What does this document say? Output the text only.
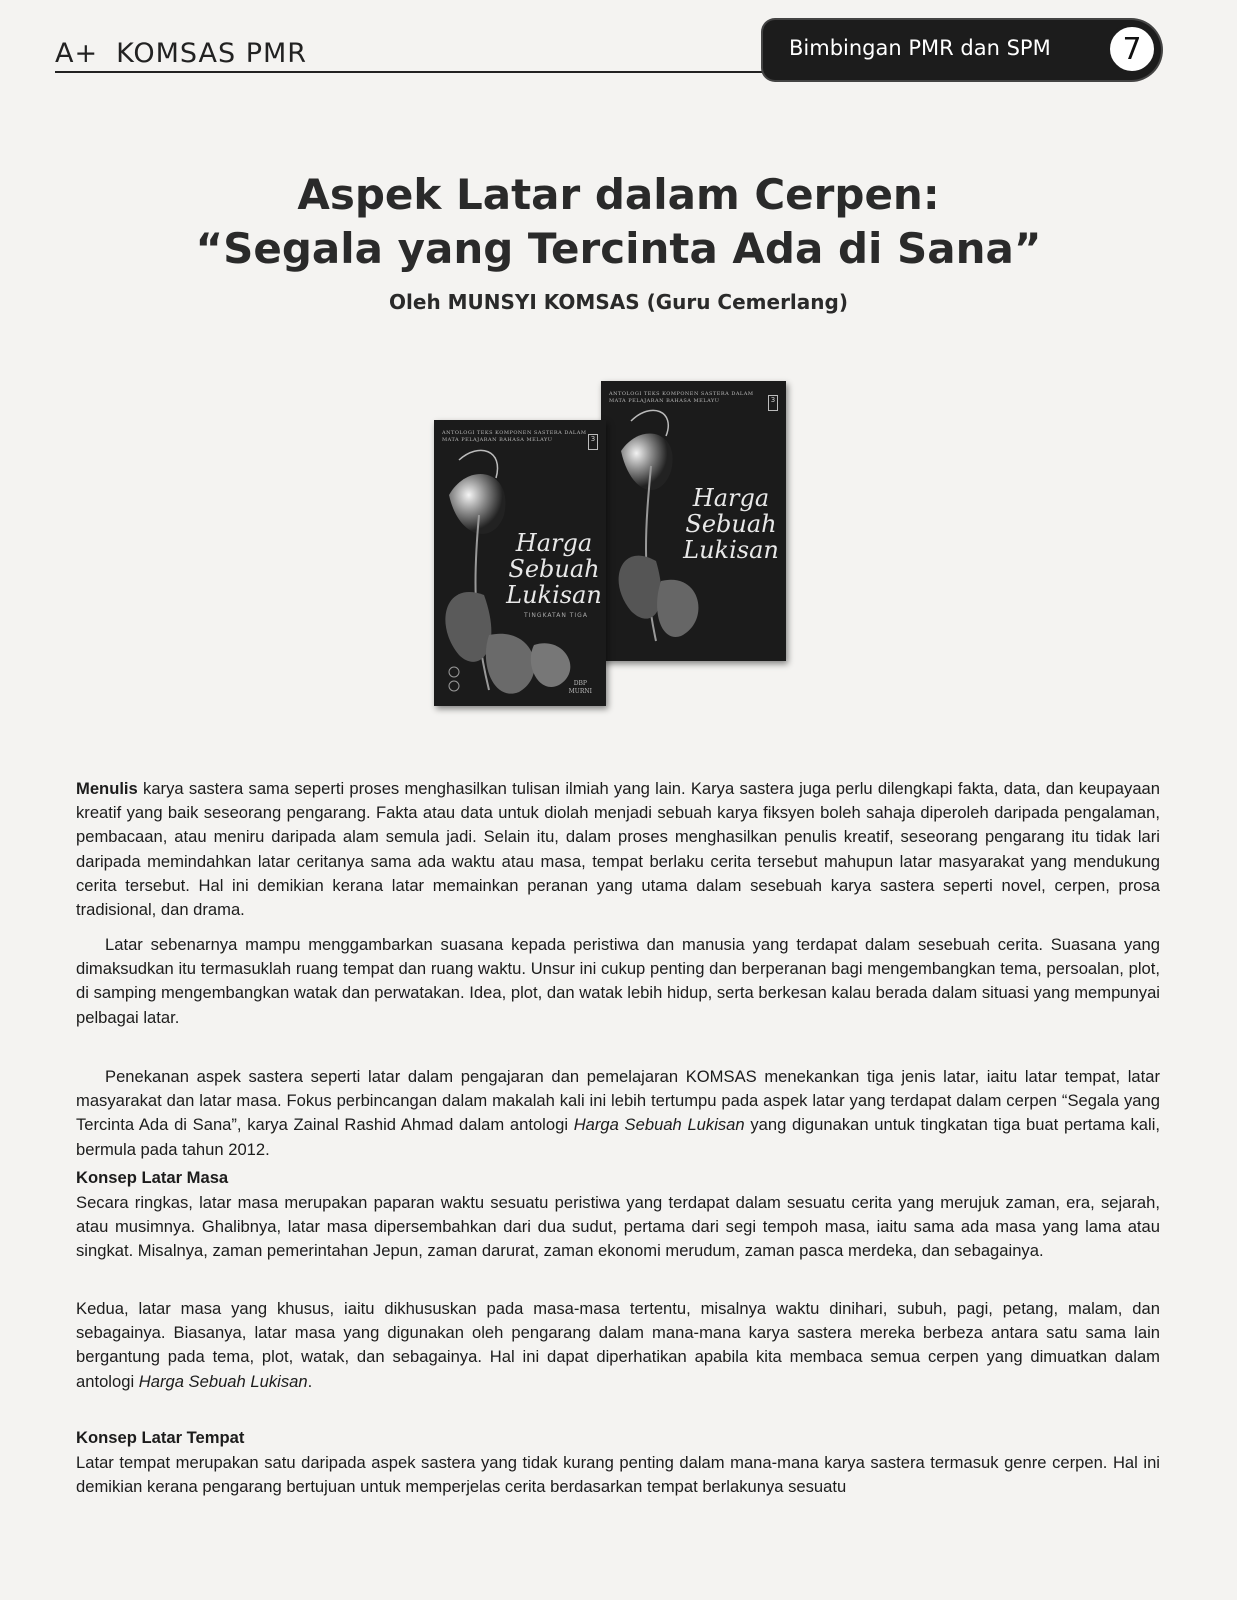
A+ KOMSAS PMR	Bimbingan PMR dan SPM	7
Aspek Latar dalam Cerpen:
“Segala yang Tercinta Ada di Sana”
Oleh MUNSYI KOMSAS (Guru Cemerlang)
ANTOLOGI TEKS KOMPONEN SASTERA DALAM MATA PELAJARAN BAHASA MELAYU	3
Harga
Sebuah
Lukisan
ANTOLOGI TEKS KOMPONEN SASTERA DALAM MATA PELAJARAN BAHASA MELAYU	3
Harga
Sebuah
Lukisan
TINGKATAN TIGA
DBP
MURNI

Menulis karya sastera sama seperti proses menghasilkan tulisan ilmiah yang lain. Karya sastera juga perlu dilengkapi fakta, data, dan keupayaan kreatif yang baik seseorang pengarang. Fakta atau data untuk diolah menjadi sebuah karya fiksyen boleh sahaja diperoleh daripada pengalaman, pembacaan, atau meniru daripada alam semula jadi. Selain itu, dalam proses menghasilkan penulis kreatif, seseorang pengarang itu tidak lari daripada memindahkan latar ceritanya sama ada waktu atau masa, tempat berlaku cerita tersebut mahupun latar masyarakat yang mendukung cerita tersebut. Hal ini demikian kerana latar memainkan peranan yang utama dalam sesebuah karya sastera seperti novel, cerpen, prosa tradisional, dan drama.

Latar sebenarnya mampu menggambarkan suasana kepada peristiwa dan manusia yang terdapat dalam sesebuah cerita. Suasana yang dimaksudkan itu termasuklah ruang tempat dan ruang waktu. Unsur ini cukup penting dan berperanan bagi mengembangkan tema, persoalan, plot, di samping mengembangkan watak dan perwatakan. Idea, plot, dan watak lebih hidup, serta berkesan kalau berada dalam situasi yang mempunyai pelbagai latar.

Penekanan aspek sastera seperti latar dalam pengajaran dan pemelajaran KOMSAS menekankan tiga jenis latar, iaitu latar tempat, latar masyarakat dan latar masa. Fokus perbincangan dalam makalah kali ini lebih tertumpu pada aspek latar yang terdapat dalam cerpen “Segala yang Tercinta Ada di Sana”, karya Zainal Rashid Ahmad dalam antologi Harga Sebuah Lukisan yang digunakan untuk tingkatan tiga buat pertama kali, bermula pada tahun 2012.

Konsep Latar Masa

Secara ringkas, latar masa merupakan paparan waktu sesuatu peristiwa yang terdapat dalam sesuatu cerita yang merujuk zaman, era, sejarah, atau musimnya. Ghalibnya, latar masa dipersembahkan dari dua sudut, pertama dari segi tempoh masa, iaitu sama ada masa yang lama atau singkat. Misalnya, zaman pemerintahan Jepun, zaman darurat, zaman ekonomi merudum, zaman pasca merdeka, dan sebagainya.

Kedua, latar masa yang khusus, iaitu dikhususkan pada masa-masa tertentu, misalnya waktu dinihari, subuh, pagi, petang, malam, dan sebagainya. Biasanya, latar masa yang digunakan oleh pengarang dalam mana-mana karya sastera mereka berbeza antara satu sama lain bergantung pada tema, plot, watak, dan sebagainya. Hal ini dapat diperhatikan apabila kita membaca semua cerpen yang dimuatkan dalam antologi Harga Sebuah Lukisan.

Konsep Latar Tempat

Latar tempat merupakan satu daripada aspek sastera yang tidak kurang penting dalam mana-mana karya sastera termasuk genre cerpen. Hal ini demikian kerana pengarang bertujuan untuk memperjelas cerita berdasarkan tempat berlakunya sesuatu
